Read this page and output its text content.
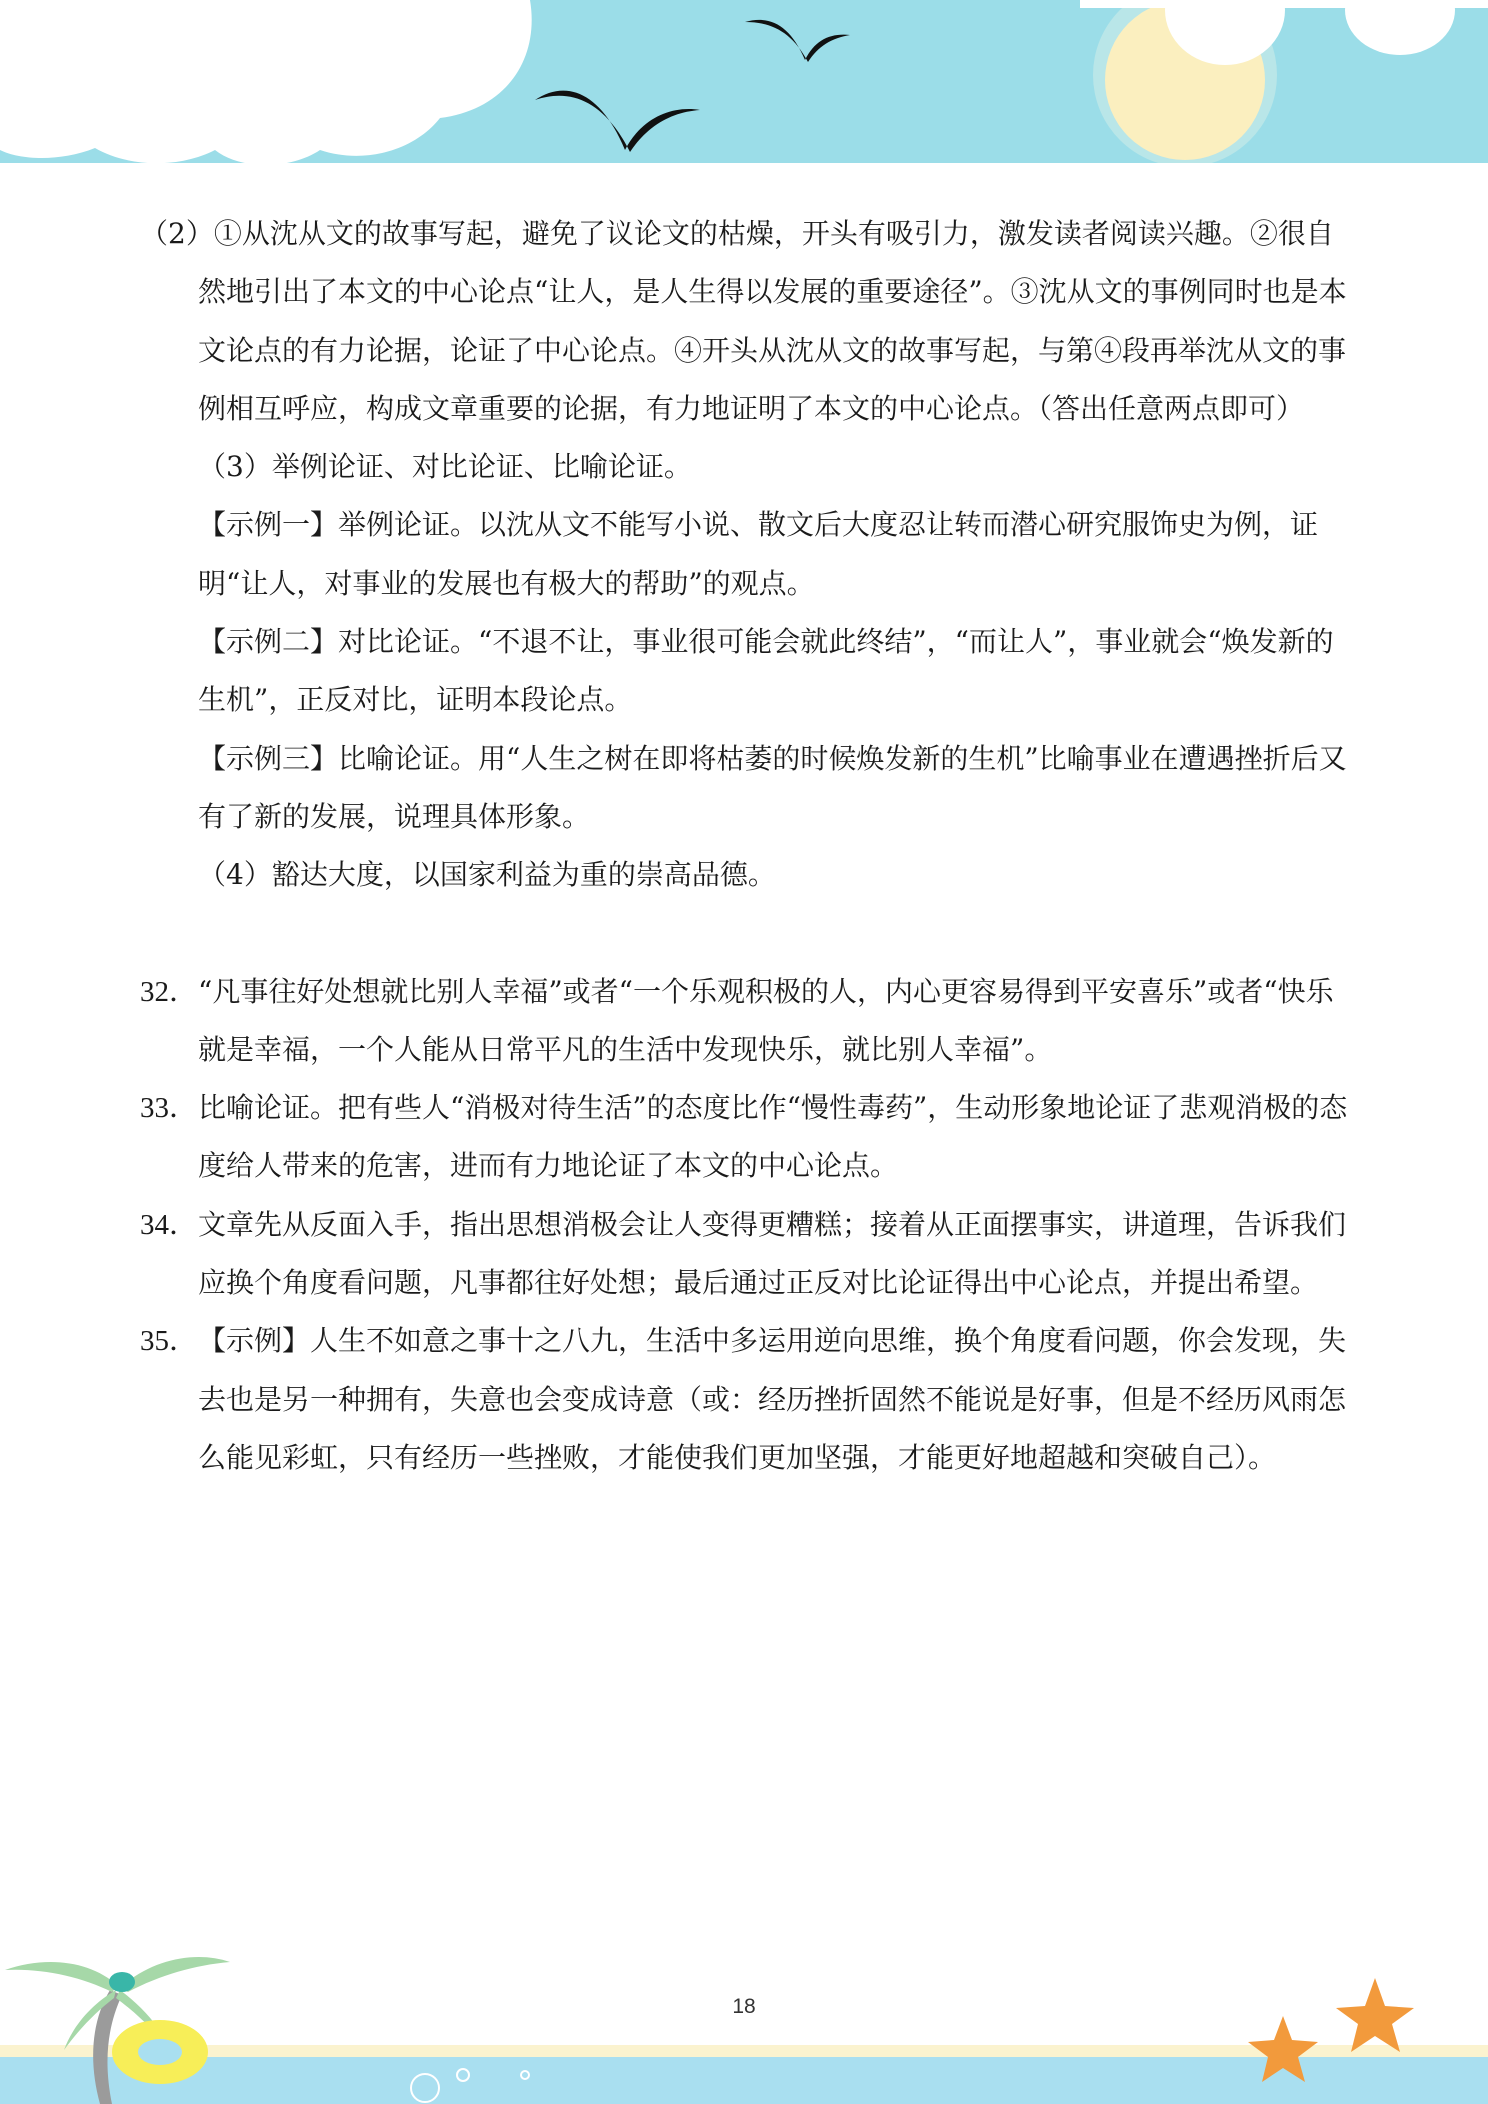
（2）①从沈从文的故事写起，避免了议论文的枯燥，开头有吸引力，激发读者阅读兴趣。②很自然地引出了本文的中心论点“让人，是人生得以发展的重要途径”。③沈从文的事例同时也是本文论点的有力论据，论证了中心论点。④开头从沈从文的故事写起，与第④段再举沈从文的事例相互呼应，构成文章重要的论据，有力地证明了本文的中心论点。（答出任意两点即可）

（3）举例论证、对比论证、比喻论证。

【示例一】举例论证。以沈从文不能写小说、散文后大度忍让转而潜心研究服饰史为例，证明“让人，对事业的发展也有极大的帮助”的观点。

【示例二】对比论证。“不退不让，事业很可能会就此终结”，“而让人”，事业就会“焕发新的生机”，正反对比，证明本段论点。

【示例三】比喻论证。用“人生之树在即将枯萎的时候焕发新的生机”比喻事业在遭遇挫折后又有了新的发展，说理具体形象。

（4）豁达大度，以国家利益为重的崇高品德。

32． “凡事往好处想就比别人幸福”或者“一个乐观积极的人，内心更容易得到平安喜乐”或者“快乐就是幸福，一个人能从日常平凡的生活中发现快乐，就比别人幸福”。
33． 比喻论证。把有些人“消极对待生活”的态度比作“慢性毒药”，生动形象地论证了悲观消极的态度给人带来的危害，进而有力地论证了本文的中心论点。
34． 文章先从反面入手，指出思想消极会让人变得更糟糕；接着从正面摆事实，讲道理，告诉我们应换个角度看问题，凡事都往好处想；最后通过正反对比论证得出中心论点，并提出希望。
35． 【示例】人生不如意之事十之八九，生活中多运用逆向思维，换个角度看问题，你会发现，失去也是另一种拥有，失意也会变成诗意（或：经历挫折固然不能说是好事，但是不经历风雨怎么能见彩虹，只有经历一些挫败，才能使我们更加坚强，才能更好地超越和突破自己）。
18
